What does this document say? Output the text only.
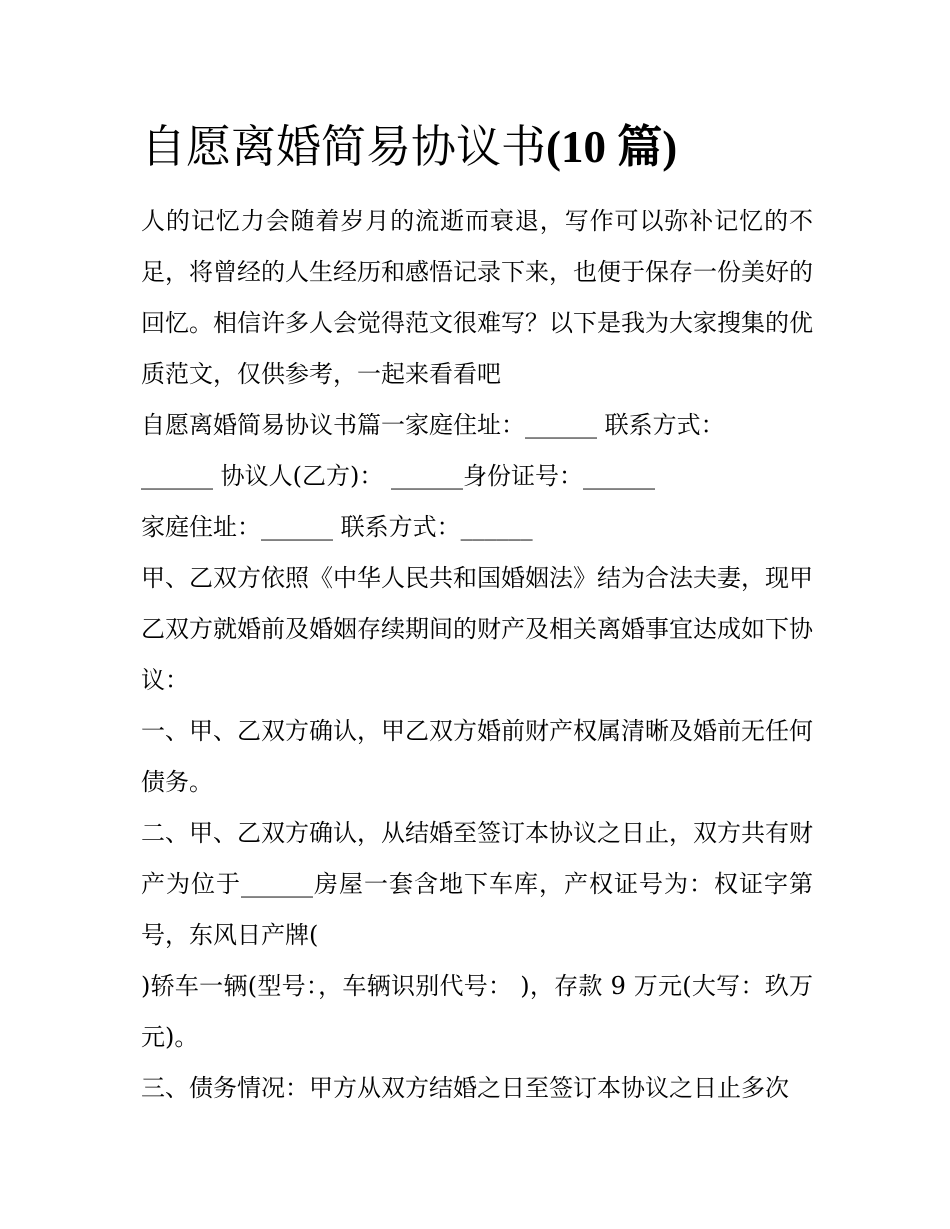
自愿离婚简易协议书(10 篇)

人的记忆力会随着岁月的流逝而衰退，写作可以弥补记忆的不足，将曾经的人生经历和感悟记录下来，也便于保存一份美好的回忆。相信许多人会觉得范文很难写？以下是我为大家搜集的优质范文，仅供参考，一起来看看吧

自愿离婚简易协议书篇一家庭住址：______ 联系方式：

______ 协议人(乙方)： ______身份证号：______

家庭住址：______ 联系方式：______

甲、乙双方依照《中华人民共和国婚姻法》结为合法夫妻，现甲乙双方就婚前及婚姻存续期间的财产及相关离婚事宜达成如下协议：

一、甲、乙双方确认，甲乙双方婚前财产权属清晰及婚前无任何债务。

二、甲、乙双方确认，从结婚至签订本协议之日止，双方共有财产为位于______房屋一套含地下车库，产权证号为：权证字第号，东风日产牌(

)轿车一辆(型号：，车辆识别代号： )，存款 9 万元(大写：玖万元)。

三、债务情况：甲方从双方结婚之日至签订本协议之日止多次
